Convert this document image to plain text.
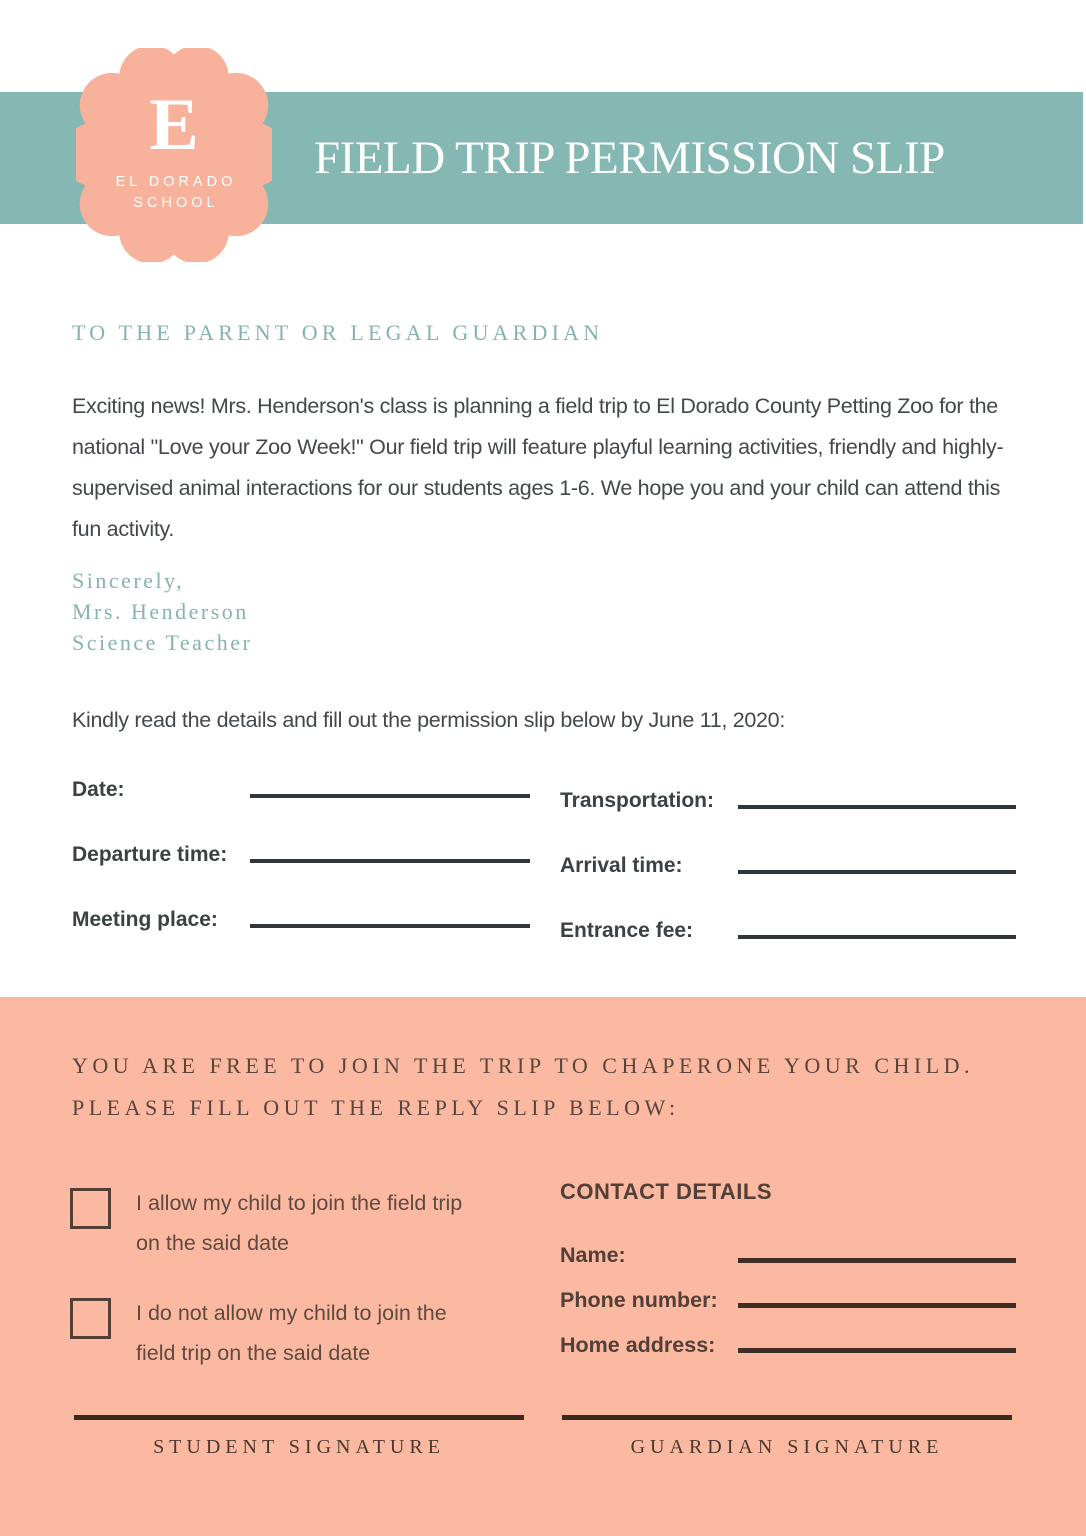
FIELD TRIP PERMISSION SLIP
E
EL DORADO
SCHOOL
TO THE PARENT OR LEGAL GUARDIAN

Exciting news! Mrs. Henderson's class is planning a field trip to El Dorado County Petting Zoo for the national "Love your Zoo Week!" Our field trip will feature playful learning activities, friendly and highly-supervised animal interactions for our students ages 1-6. We hope you and your child can attend this fun activity.

Sincerely,
Mrs. Henderson
Science Teacher
Kindly read the details and fill out the permission slip below by June 11, 2020:
Date:
Departure time:
Meeting place:
Transportation:
Arrival time:
Entrance fee:
YOU ARE FREE TO JOIN THE TRIP TO CHAPERONE YOUR CHILD.
PLEASE FILL OUT THE REPLY SLIP BELOW:
I allow my child to join the field trip on the said date
I do not allow my child to join the field trip on the said date
CONTACT DETAILS
Name:
Phone number:
Home address:
STUDENT SIGNATURE	GUARDIAN SIGNATURE
